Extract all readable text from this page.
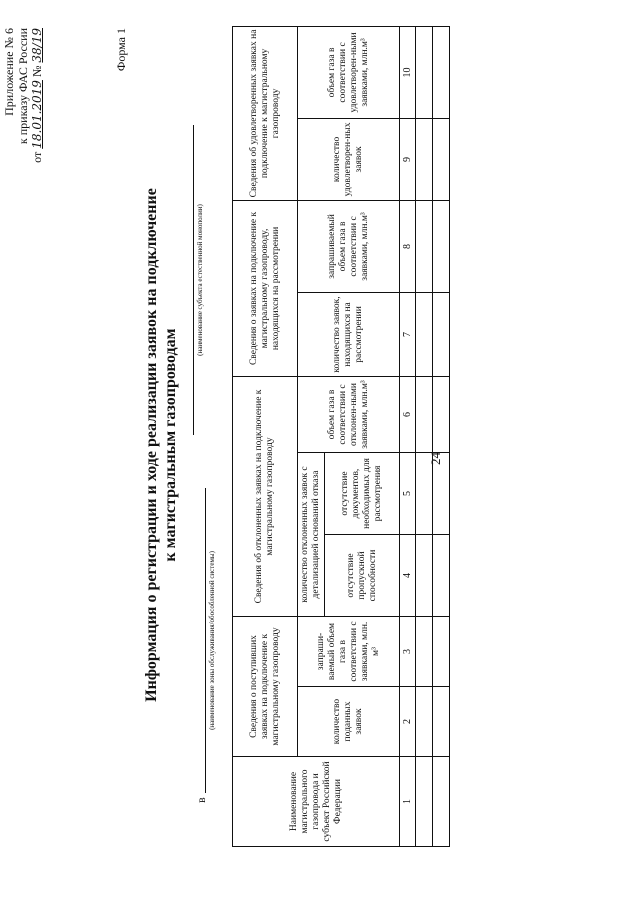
24
Приложение № 6 к приказу ФАС России
от 18.01.2019 № 38/19	Форма 1
Информация о регистрации и ходе реализации заявок на подключение к магистральным газопроводам
(наименование субъекта естественной монополии)
в
(наименование зоны обслуживания/обособленной системы)
Наименование магистрального газопровода и субъект Российской Федерации	Сведения о поступивших заявках на подключение к магистральному газопроводу		Сведения об отклоненных заявках на подключение к магистральному газопроводу			Сведения о заявках на подключение к магистральному газопроводу, находящихся на рассмотрении		Сведения об удовлетворенных заявках на подключение к магистральному газопроводу	
	количество поданных заявок	запраши-ваемый объем газа в соответствии с заявками, млн. м³	количество отклоненных заявок с детализацией оснований отказа		объем газа в соответствии с отклонен-ными заявками, млн.м³	количество заявок, находящихся на рассмотрении	запрашиваемый объем газа в соответствии с заявками, млн.м³	количество удовлетворен-ных заявок	объем газа в соответствии с удовлетворен-ными заявками, млн.м³
			отсутствие пропускной способности	отсутствие документов, необходимых для рассмотрения					
1	2	3	4	5	6	7	8	9	10
